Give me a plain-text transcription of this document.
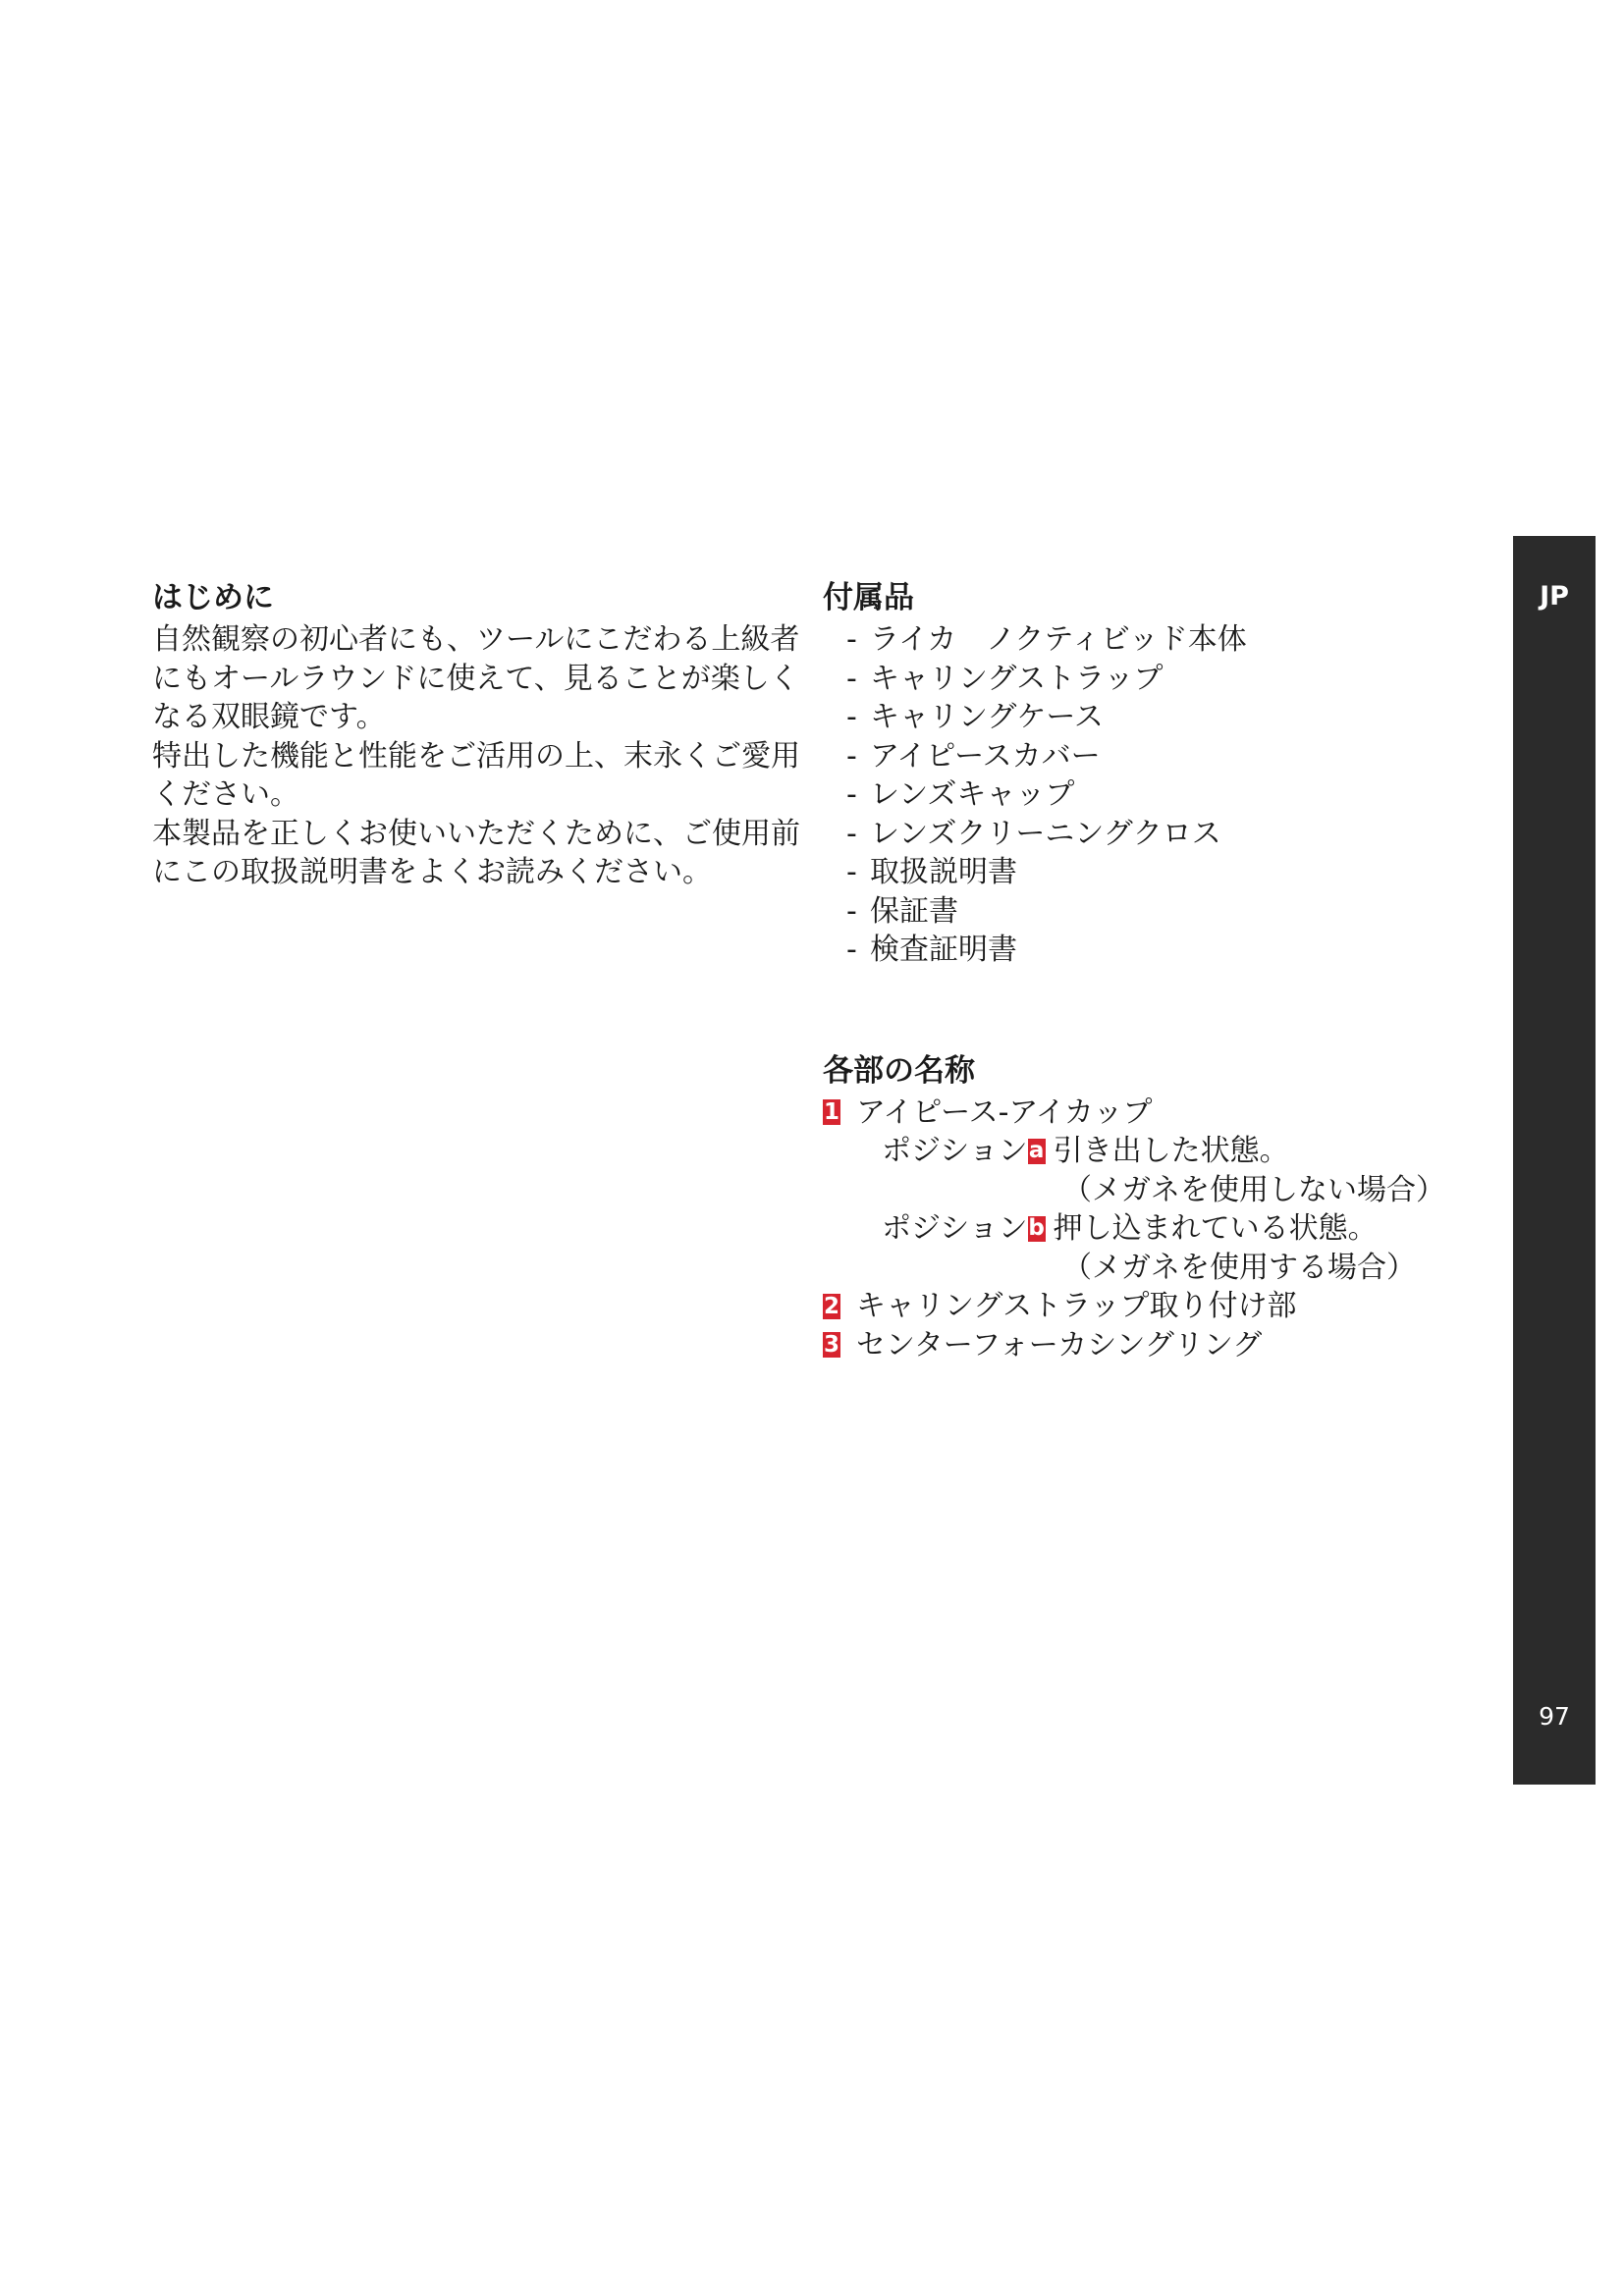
はじめに

自然観察の初心者にも、ツールにこだわる上級者にもオールラウンドに使えて、見ることが楽しくなる双眼鏡です。

特出した機能と性能をご活用の上、末永くご愛用ください。

本製品を正しくお使いいただくために、ご使用前にこの取扱説明書をよくお読みください。

付属品
- ライカ　ノクティビッド本体
- キャリングストラップ
- キャリングケース
- アイピースカバー
- レンズキャップ
- レンズクリーニングクロス
- 取扱説明書
- 保証書
- 検査証明書
各部の名称
1 アイピース-アイカップ
ポジション a 引き出した状態。
（メガネを使用しない場合）
ポジション b 押し込まれている状態。
（メガネを使用する場合）
2 キャリングストラップ取り付け部
3 センターフォーカシングリング
JP
97
